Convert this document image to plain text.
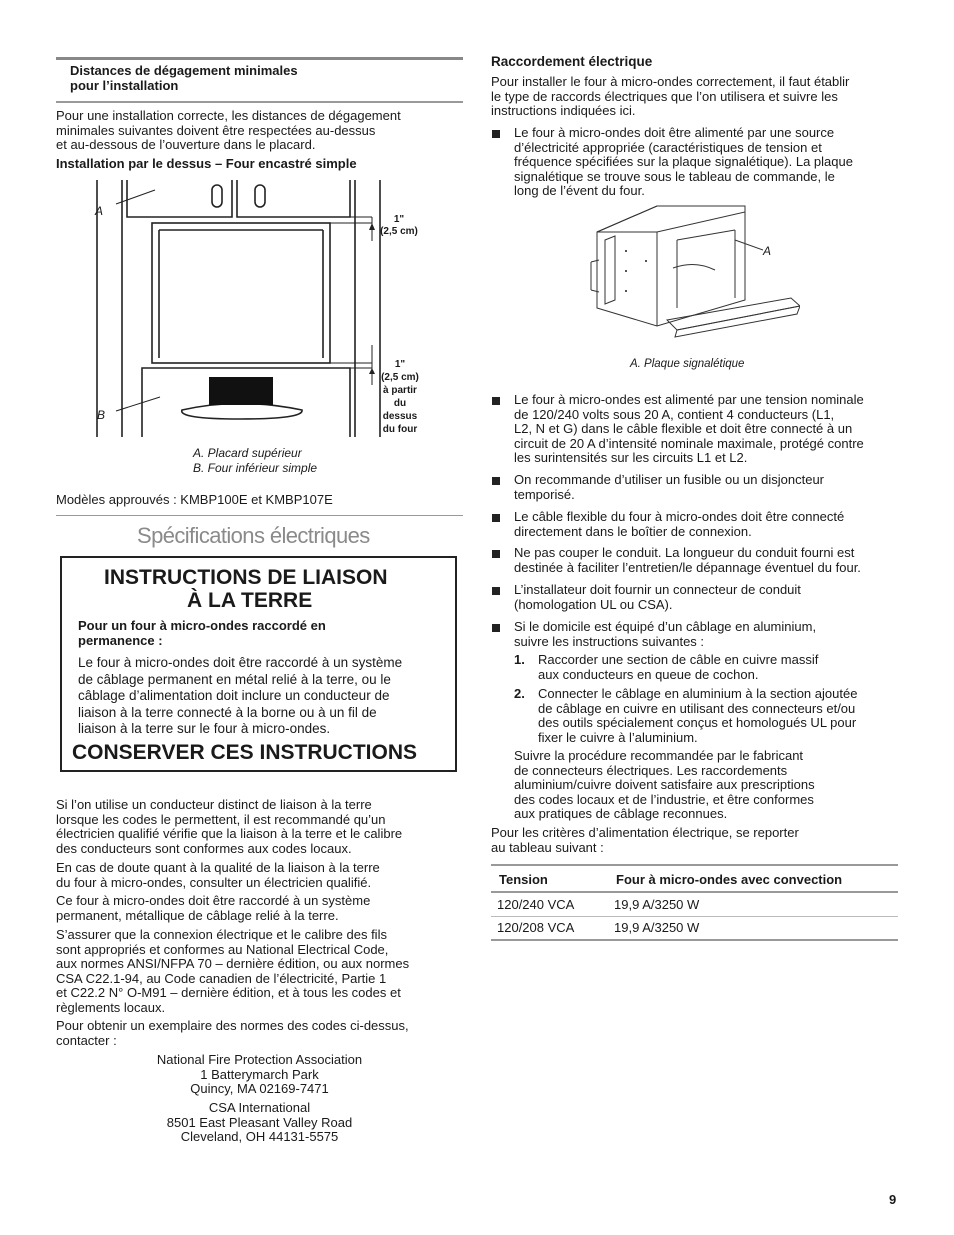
Distances de dégagement minimales
pour l’installation
Pour une installation correcte, les distances de dégagement
minimales suivantes doivent être respectées au-dessus
et au-dessous de l’ouverture dans le placard.
Installation par le dessus – Four encastré simple
A
B
1"
(2,5 cm)
1"
(2,5 cm)
à partir
du
dessus
du four
A. Placard supérieur
B. Four inférieur simple
Modèles approuvés : KMBP100E et KMBP107E
Spécifications électriques
INSTRUCTIONS DE LIAISON
À LA TERRE
Pour un four à micro-ondes raccordé en
permanence :
Le four à micro-ondes doit être raccordé à un système
de câblage permanent en métal relié à la terre, ou le
câblage d’alimentation doit inclure un conducteur de
liaison à la terre connecté à la borne ou à un fil de
liaison à la terre sur le four à micro-ondes.
CONSERVER CES INSTRUCTIONS
Si l’on utilise un conducteur distinct de liaison à la terre
lorsque les codes le permettent, il est recommandé qu’un
électricien qualifié vérifie que la liaison à la terre et le calibre
des conducteurs sont conformes aux codes locaux.
En cas de doute quant à la qualité de la liaison à la terre
du four à micro-ondes, consulter un électricien qualifié.
Ce four à micro-ondes doit être raccordé à un système
permanent, métallique de câblage relié à la terre.
S’assurer que la connexion électrique et le calibre des fils
sont appropriés et conformes au National Electrical Code,
aux normes ANSI/NFPA 70 – dernière édition, ou aux normes
CSA C22.1-94, au Code canadien de l’électricité, Partie 1
et C22.2 N° O-M91 – dernière édition, et à tous les codes et
règlements locaux.
Pour obtenir un exemplaire des normes des codes ci-dessus,
contacter :
National Fire Protection Association
1 Batterymarch Park
Quincy, MA 02169-7471
CSA International
8501 East Pleasant Valley Road
Cleveland, OH 44131-5575
Raccordement électrique
Pour installer le four à micro-ondes correctement, il faut établir
le type de raccords électriques que l’on utilisera et suivre les
instructions indiquées ici.
Le four à micro-ondes doit être alimenté par une source
d’électricité appropriée (caractéristiques de tension et
fréquence spécifiées sur la plaque signalétique). La plaque
signalétique se trouve sous le tableau de commande, le
long de l’évent du four.
A
A. Plaque signalétique
Le four à micro-ondes est alimenté par une tension nominale
de 120/240 volts sous 20 A, contient 4 conducteurs (L1,
L2, N et G) dans le câble flexible et doit être connecté à un
circuit de 20 A d’intensité nominale maximale, protégé contre
les surintensités sur les circuits L1 et L2.
On recommande d’utiliser un fusible ou un disjoncteur
temporisé.
Le câble flexible du four à micro-ondes doit être connecté
directement dans le boîtier de connexion.
Ne pas couper le conduit. La longueur du conduit fourni est
destinée à faciliter l’entretien/le dépannage éventuel du four.
L’installateur doit fournir un connecteur de conduit
(homologation UL ou CSA).
Si le domicile est équipé d’un câblage en aluminium,
suivre les instructions suivantes :
1. Raccorder une section de câble en cuivre massif
aux conducteurs en queue de cochon.
2. Connecter le câblage en aluminium à la section ajoutée
de câblage en cuivre en utilisant des connecteurs et/ou
des outils spécialement conçus et homologués UL pour
fixer le cuivre à l’aluminium.
Suivre la procédure recommandée par le fabricant
de connecteurs électriques. Les raccordements
aluminium/cuivre doivent satisfaire aux prescriptions
des codes locaux et de l’industrie, et être conformes
aux pratiques de câblage reconnues.
Pour les critères d’alimentation électrique, se reporter
au tableau suivant :
Tension	Four à micro-ondes avec convection
120/240 VCA	19,9 A/3250 W
120/208 VCA	19,9 A/3250 W
9
